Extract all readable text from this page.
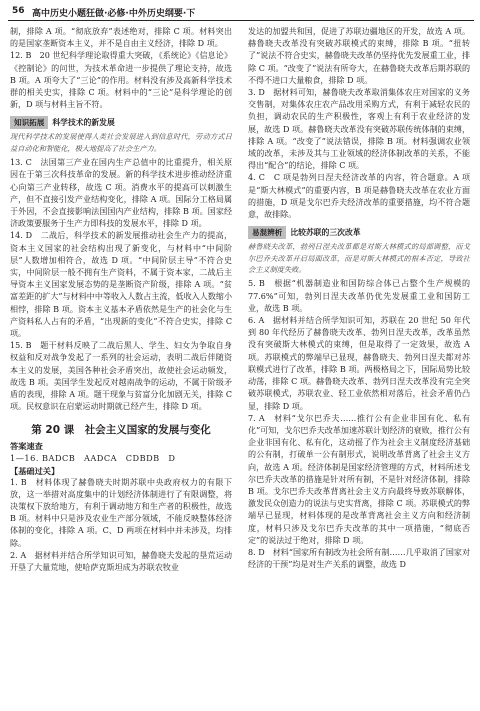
56 高中历史小题狂做·必修·中外历史纲要·下

制，排除 A 项。“彻底放弃”表述绝对，排除 C 项。材料突出的是国家垄断资本主义，并不是自由主义经济，排除 D 项。

12. B　20 世纪科学理论取得重大突破，《系统论》《信息论》《控制论》的问世，为技术革命进一步提供了理论支持，故选 B 项。A 项夸大了“三论”的作用。材料没有涉及高新科学技术群的相关史实，排除 C 项。材料中的“三论”是科学理论的创新，D 项与材料主旨不符。

知识拓展	科学技术的新发展

现代科学技术的发展使得人类社会发展进入到信息时代，劳动方式日益自动化和智能化，极大地提高了社会生产力。

13. C　法国第三产业在国内生产总值中的比重提升，相关原因在于第三次科技革命的发展。新的科学技术进步推动经济重心向第三产业转移，故选 C 项。消费水平的提高可以刺激生产，但不直接引发产业结构变化，排除 A 项。国际分工格局属于外因，不会直接影响法国国内产业结构，排除 B 项。国家经济政策要服务于生产力即科技的发展水平，排除 D 项。

14. D　二战后，科学技术的新发展推动社会生产力的提高，资本主义国家的社会结构出现了新变化，与材料中“中间阶层”人数增加相符合，故选 D 项。“中间阶层主导”不符合史实，中间阶层一般不拥有生产资料，不属于资本家，二战后主导资本主义国家发展态势的是垄断资产阶级，排除 A 项。“贫富差距的扩大”与材料中中等收入人数占主流，低收入人数缩小相悖，排除 B 项。资本主义基本矛盾依然是生产的社会化与生产资料私人占有的矛盾，“出现新的变化”不符合史实，排除 C 项。

15. B　题干材料反映了二战后黑人、学生、妇女为争取自身权益和反对战争发起了一系列的社会运动，表明二战后伴随资本主义的发展，美国各种社会矛盾突出，故使社会运动频发，故选 B 项。美国学生发起反对越南战争的运动，不属于阶级矛盾的表现，排除 A 项。题干现象与贫富分化加剧无关，排除 C 项。民权意识在启蒙运动时期就已经产生，排除 D 项。

第 20 课　社会主义国家的发展与变化
答案速查
1—16. BADCB　AADCA　CDBDB　D
【基础过关】

1. B　材料体现了赫鲁晓夫时期苏联中央政府权力的有限下放，这一举措对高度集中的计划经济体制进行了有限调整，将决策权下放给地方，有利于调动地方和生产者的积极性，故选 B 项。材料中只是涉及农业生产部分领域，不能反映整体经济体制的变化，排除 A 项。C、D 两项在材料中并未涉及，均排除。

2. A　据材料并结合所学知识可知，赫鲁晓夫发起的垦荒运动开垦了大量荒地，使哈萨克斯坦成为苏联农牧业

发达的加盟共和国，促进了苏联边疆地区的开发，故选 A 项。赫鲁晓夫改革没有突破苏联模式的束缚，排除 B 项。“扭转了”说法不符合史实，赫鲁晓夫改革仍坚持优先发展重工业，排除 C 项。“改变了”说法有所夸大，在赫鲁晓夫改革后期苏联的不得不进口大量粮食，排除 D 项。

3. D　据材料可知，赫鲁晓夫改革取消集体农庄对国家的义务交售制，对集体农庄农产品改用采购方式，有利于减轻农民的负担，调动农民的生产积极性，客观上有利于农业经济的发展，故选 D 项。赫鲁晓夫改革没有突破苏联传统体制的束缚，排除 A 项。“改变了”说法错误，排除 B 项。材料强调农业领域的改革，未涉及其与工业领域的经济体制改革的关系，不能得出“配合”的结论，排除 C 项。

4. C　C 项是勃列日涅夫经济改革的内容，符合题意。A 项是“斯大林模式”的重要内容，B 项是赫鲁晓夫改革在农业方面的措施，D 项是戈尔巴乔夫经济改革的重要措施，均不符合题意，故排除。

易混辨析	比较苏联的三次改革

赫鲁晓夫改革，勃列日涅夫改革都是对斯大林模式的局部调整，而戈尔巴乔夫改革开启局面改革，而是对斯大林模式的根本否定，导致社会主义制度失败。

5. B　根据“机器制造业和国防综合体已占整个生产规模的 77.6%”可知，勃列日涅夫改革仍优先发展重工业和国防工业，故选 B 项。

6. A　据材料并结合所学知识可知，苏联在 20 世纪 50 年代到 80 年代经历了赫鲁晓夫改革、勃列日涅夫改革，改革虽然没有突破斯大林模式的束缚，但是取得了一定效果，故选 A 项。苏联模式的弊端早已显现，赫鲁晓夫、勃列日涅夫都对苏联模式进行了改革，排除 B 项。两极格局之下，国际局势比较动荡，排除 C 项。赫鲁晓夫改革、勃列日涅夫改革没有完全突破苏联模式，苏联农业、轻工业依然相对落后，社会矛盾仍凸显，排除 D 项。

7. A　材料“戈尔巴乔夫……推行公有企业非国有化、私有化”可知，戈尔巴乔夫改革加速苏联计划经济的衰败，推行公有企业非国有化、私有化，这动摇了作为社会主义制度经济基础的公有制，打破单一公有制形式，说明改革背离了社会主义方向，故选 A 项。经济体制是国家经济管理的方式，材料所述戈尔巴乔夫改革的措施是针对所有制，不是针对经济体制，排除 B 项。戈尔巴乔夫改革背离社会主义方向最终导致苏联解体，激发民众创造力的说法与史实背离，排除 C 项。苏联模式的弊端早已显现，材料体现的是改革背离社会主义方向和经济制度，材料只涉及戈尔巴乔夫改革的其中一项措施，“彻底否定”的说法过于绝对，排除 D 项。

8. D　材料“国家所有制改为社会所有制……几乎取消了国家对经济的干预”均是对生产关系的调整，故选 D
